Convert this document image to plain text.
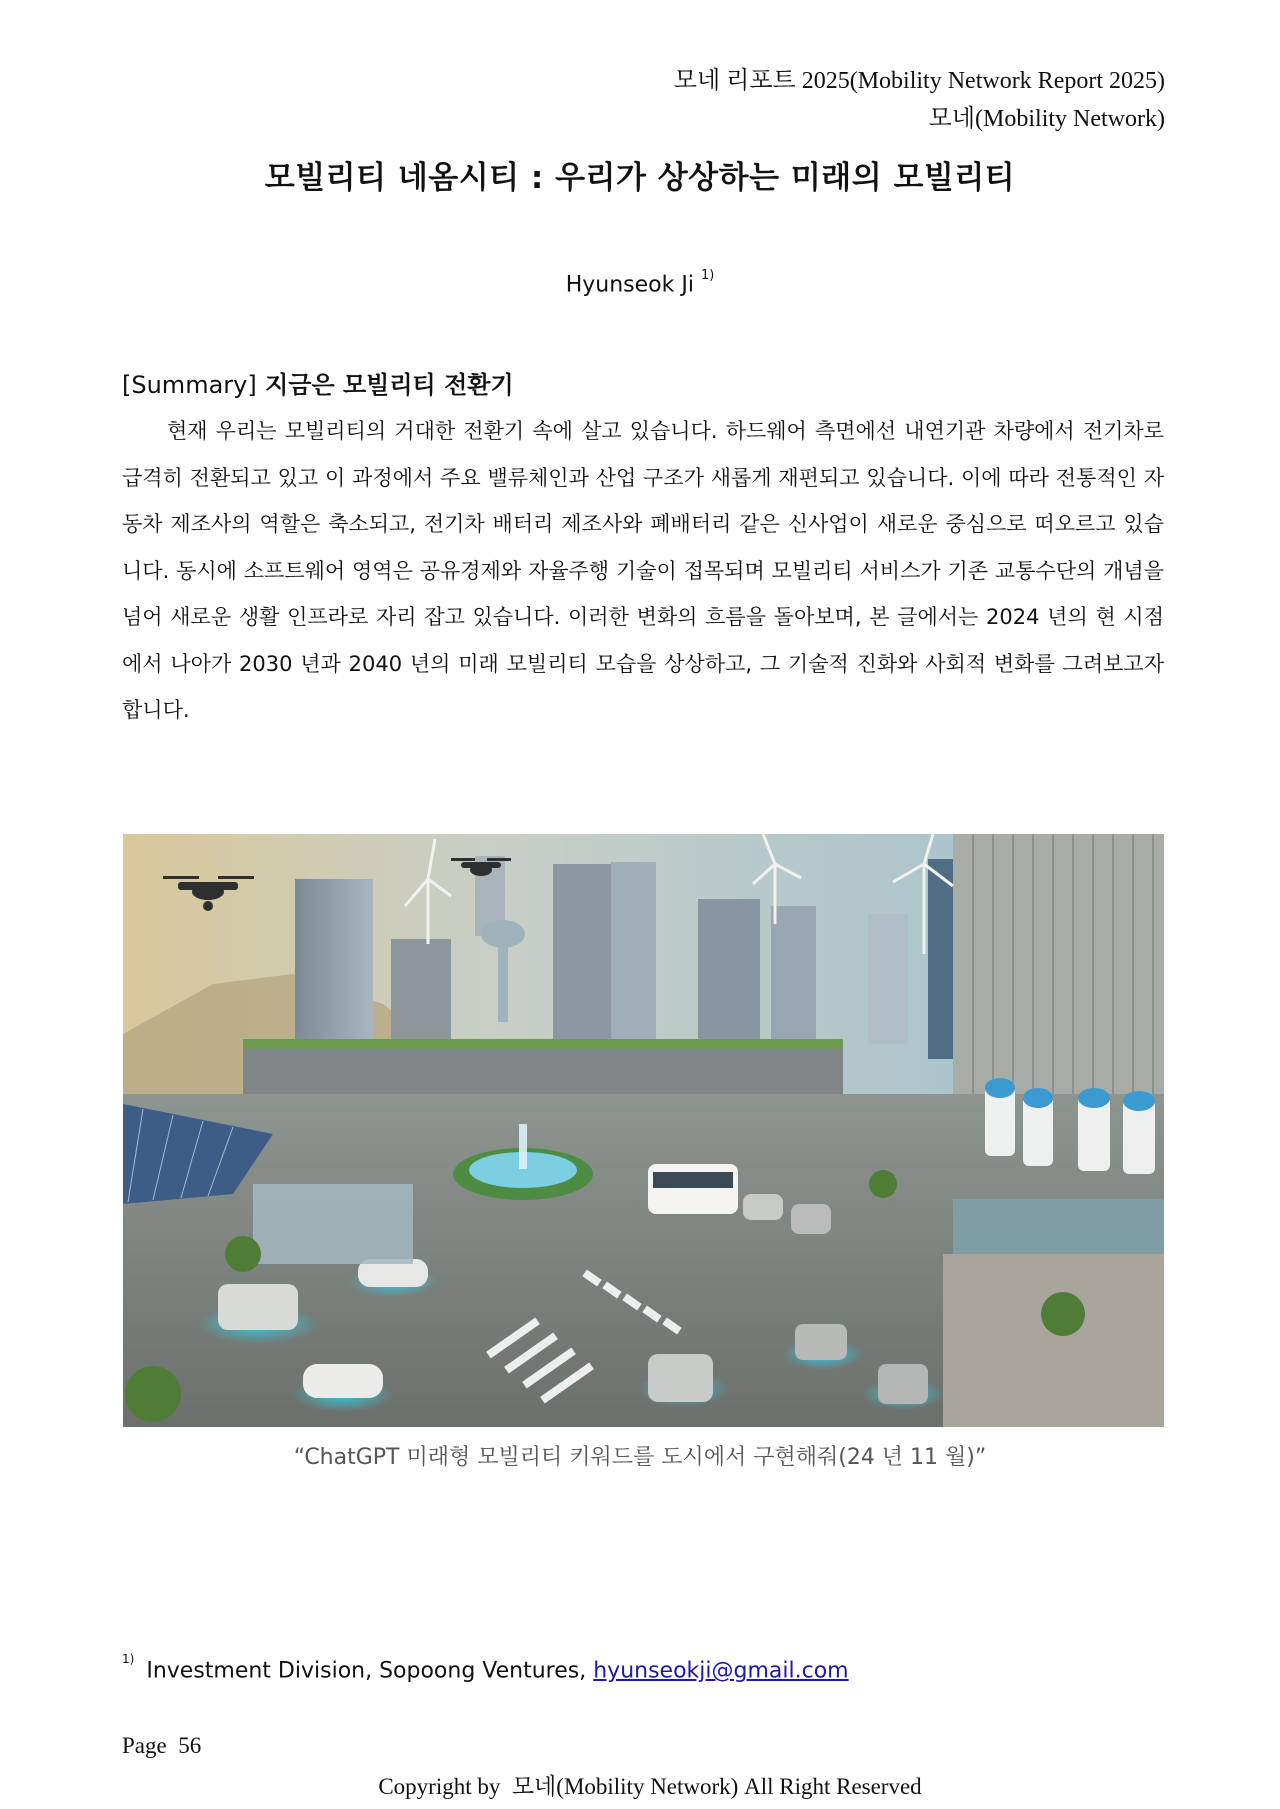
모네 리포트 2025(Mobility Network Report 2025)
모네(Mobility Network)
모빌리티 네옴시티 : 우리가 상상하는 미래의 모빌리티
Hyunseok Ji $^{1)}$
[Summary] 지금은 모빌리티 전환기

현재 우리는 모빌리티의 거대한 전환기 속에 살고 있습니다. 하드웨어 측면에선 내연기관 차량에서 전기차로 급격히 전환되고 있고 이 과정에서 주요 밸류체인과 산업 구조가 새롭게 재편되고 있습니다. 이에 따라 전통적인 자동차 제조사의 역할은 축소되고, 전기차 배터리 제조사와 폐배터리 같은 신사업이 새로운 중심으로 떠오르고 있습니다. 동시에 소프트웨어 영역은 공유경제와 자율주행 기술이 접목되며 모빌리티 서비스가 기존 교통수단의 개념을 넘어 새로운 생활 인프라로 자리 잡고 있습니다. 이러한 변화의 흐름을 돌아보며, 본 글에서는 2024 년의 현 시점에서 나아가 2030 년과 2040 년의 미래 모빌리티 모습을 상상하고, 그 기술적 진화와 사회적 변화를 그려보고자 합니다.

“ChatGPT 미래형 모빌리티 키워드를 도시에서 구현해줘(24 년 11 월)”
$^{1)}$ Investment Division, Sopoong Ventures, hyunseokji@gmail.com
Page  56
Copyright by  모네(Mobility Network) All Right Reserved
